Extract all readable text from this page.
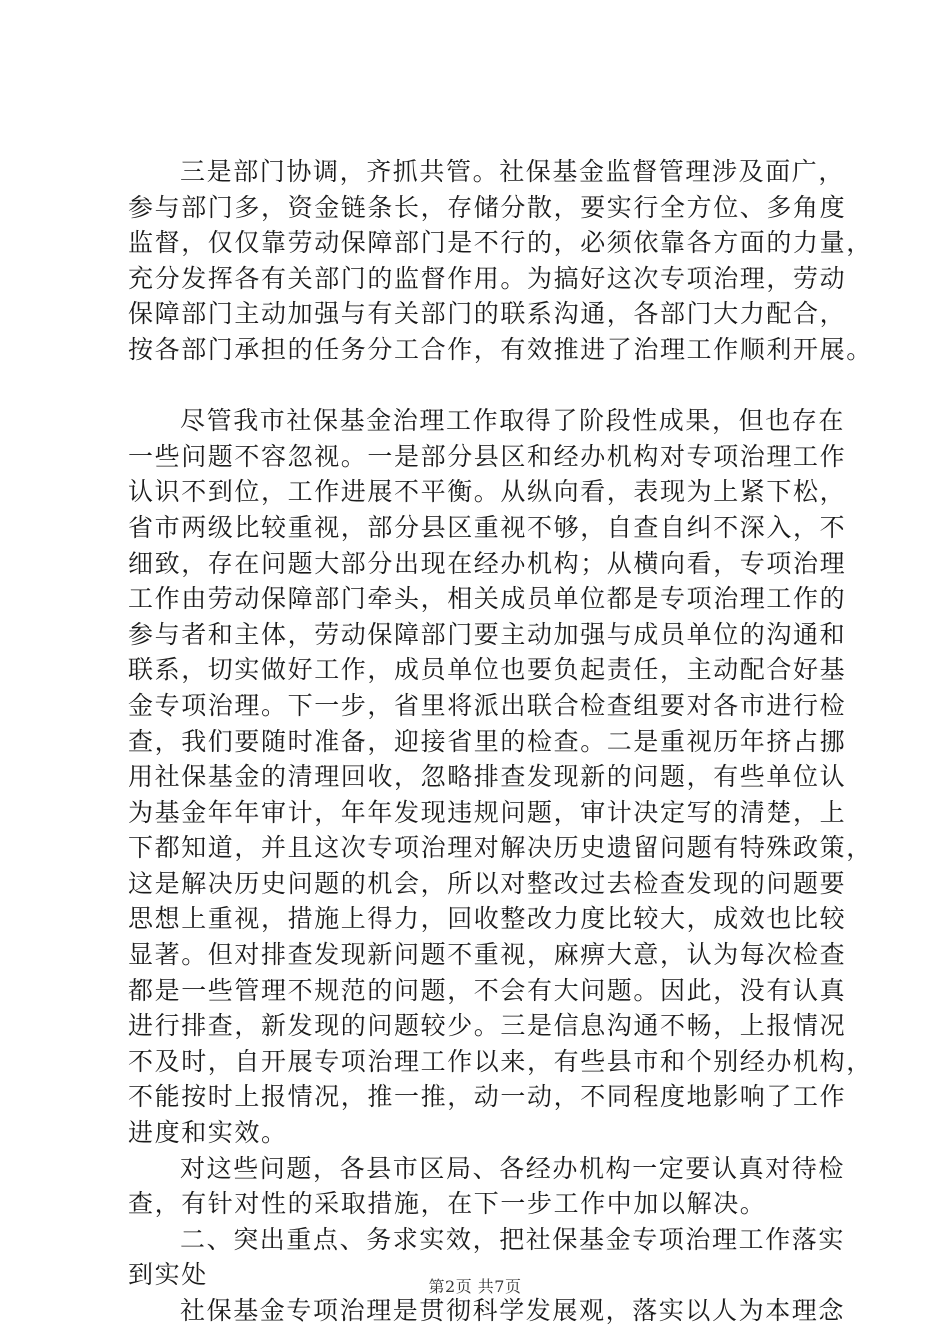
三是部门协调，齐抓共管。社保基金监督管理涉及面广，
参与部门多，资金链条长，存储分散，要实行全方位、多角度
监督，仅仅靠劳动保障部门是不行的，必须依靠各方面的力量，
充分发挥各有关部门的监督作用。为搞好这次专项治理，劳动
保障部门主动加强与有关部门的联系沟通，各部门大力配合，
按各部门承担的任务分工合作，有效推进了治理工作顺利开展。
尽管我市社保基金治理工作取得了阶段性成果，但也存在
一些问题不容忽视。一是部分县区和经办机构对专项治理工作
认识不到位，工作进展不平衡。从纵向看，表现为上紧下松，
省市两级比较重视，部分县区重视不够，自查自纠不深入，不
细致，存在问题大部分出现在经办机构；从横向看，专项治理
工作由劳动保障部门牵头，相关成员单位都是专项治理工作的
参与者和主体，劳动保障部门要主动加强与成员单位的沟通和
联系，切实做好工作，成员单位也要负起责任，主动配合好基
金专项治理。下一步，省里将派出联合检查组要对各市进行检
查，我们要随时准备，迎接省里的检查。二是重视历年挤占挪
用社保基金的清理回收，忽略排查发现新的问题，有些单位认
为基金年年审计，年年发现违规问题，审计决定写的清楚，上
下都知道，并且这次专项治理对解决历史遗留问题有特殊政策，
这是解决历史问题的机会，所以对整改过去检查发现的问题要
思想上重视，措施上得力，回收整改力度比较大，成效也比较
显著。但对排查发现新问题不重视，麻痹大意，认为每次检查
都是一些管理不规范的问题，不会有大问题。因此，没有认真
进行排查，新发现的问题较少。三是信息沟通不畅，上报情况
不及时，自开展专项治理工作以来，有些县市和个别经办机构，
不能按时上报情况，推一推，动一动，不同程度地影响了工作
进度和实效。
对这些问题，各县市区局、各经办机构一定要认真对待检
查，有针对性的采取措施，在下一步工作中加以解决。
二、突出重点、务求实效，把社保基金专项治理工作落实
到实处
社保基金专项治理是贯彻科学发展观，落实以人为本理念
第2页 共7页
